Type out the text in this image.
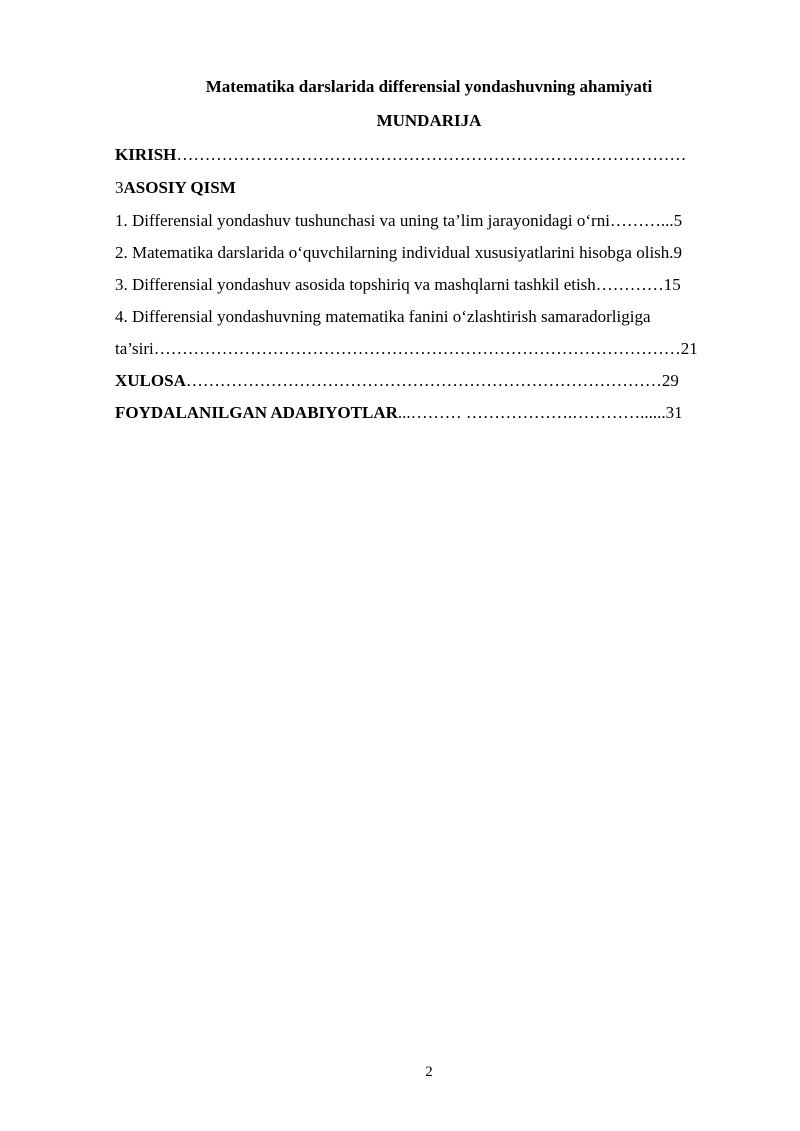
Matematika darslarida differensial yondashuvning ahamiyati
MUNDARIJA
KIRISH………………………………………………………………………………
3ASOSIY QISM
1. Differensial yondashuv tushunchasi va uning ta’lim jarayonidagi o‘rni………...5
2. Matematika darslarida o‘quvchilarning individual xususiyatlarini hisobga olish.9
3. Differensial yondashuv asosida topshiriq va mashqlarni tashkil etish…………15
4. Differensial yondashuvning matematika fanini o‘zlashtirish samaradorligiga
ta’siri…………………………………………………………………………………21
XULOSA…………………………………………………………………………29
FOYDALANILGAN ADABIYOTLAR...……… ……………….…………......31
2
